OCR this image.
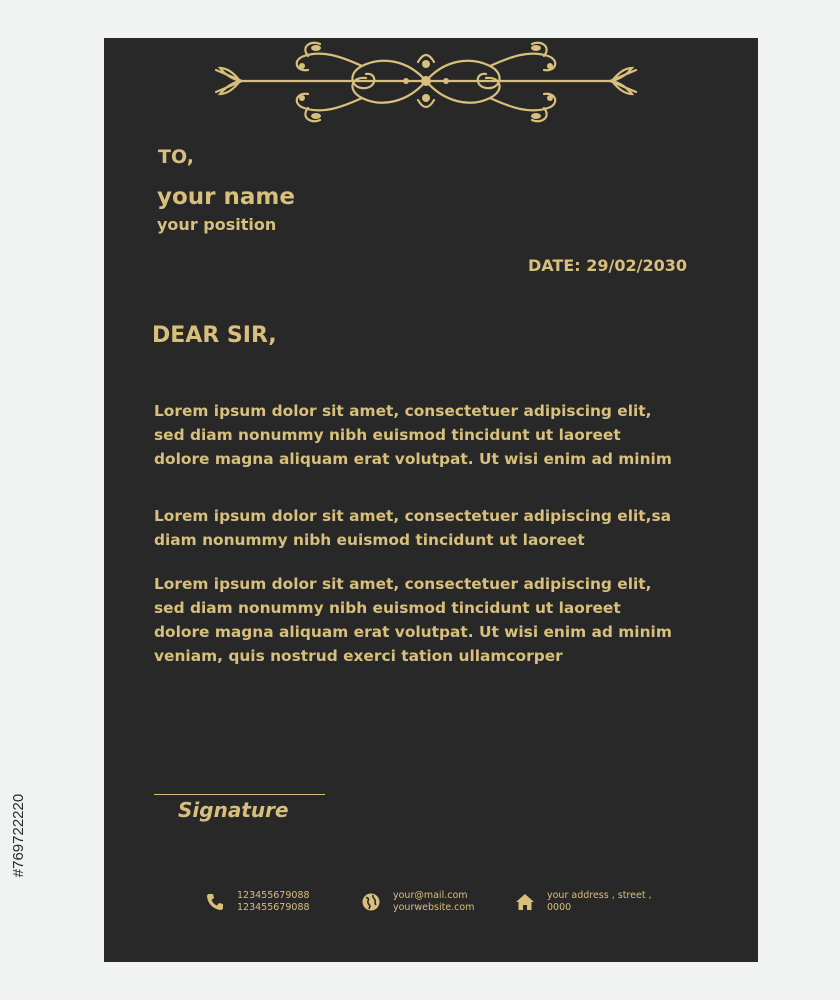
TO,
your name
your position
DATE: 29/02/2030
DEAR SIR,
Lorem ipsum dolor sit amet, consectetuer adipiscing elit,
sed diam nonummy nibh euismod tincidunt ut laoreet
dolore magna aliquam erat volutpat. Ut wisi enim ad minim
Lorem ipsum dolor sit amet, consectetuer adipiscing elit,sa
diam nonummy nibh euismod tincidunt ut laoreet
Lorem ipsum dolor sit amet, consectetuer adipiscing elit,
sed diam nonummy nibh euismod tincidunt ut laoreet
dolore magna aliquam erat volutpat. Ut wisi enim ad minim
veniam, quis nostrud exerci tation ullamcorper
Signature
123455679088
123455679088
your@mail.com
yourwebsite.com
your address , street ,
0000
#769722220
